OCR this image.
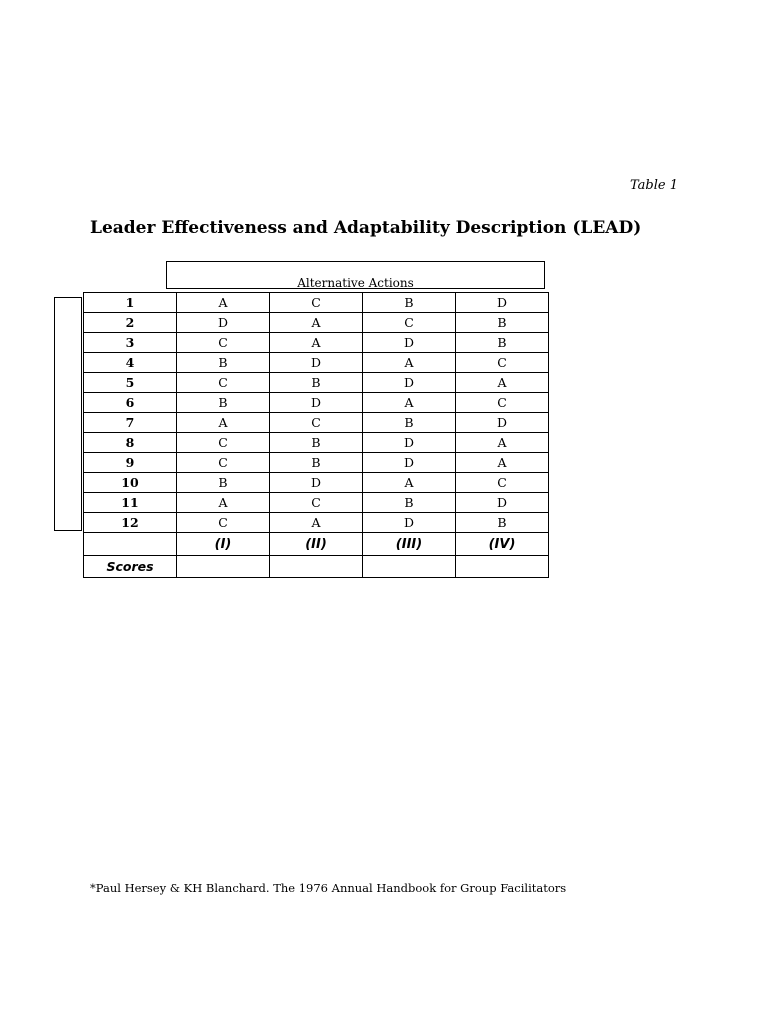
Table 1
Leader Effectiveness and Adaptability Description (LEAD)
Alternative Actions
1	A	C	B	D
2	D	A	C	B
3	C	A	D	B
4	B	D	A	C
5	C	B	D	A
6	B	D	A	C
7	A	C	B	D
8	C	B	D	A
9	C	B	D	A
10	B	D	A	C
11	A	C	B	D
12	C	A	D	B
	(I)	(II)	(III)	(IV)
Scores				
*Paul Hersey & KH Blanchard. The 1976 Annual Handbook for Group Facilitators
